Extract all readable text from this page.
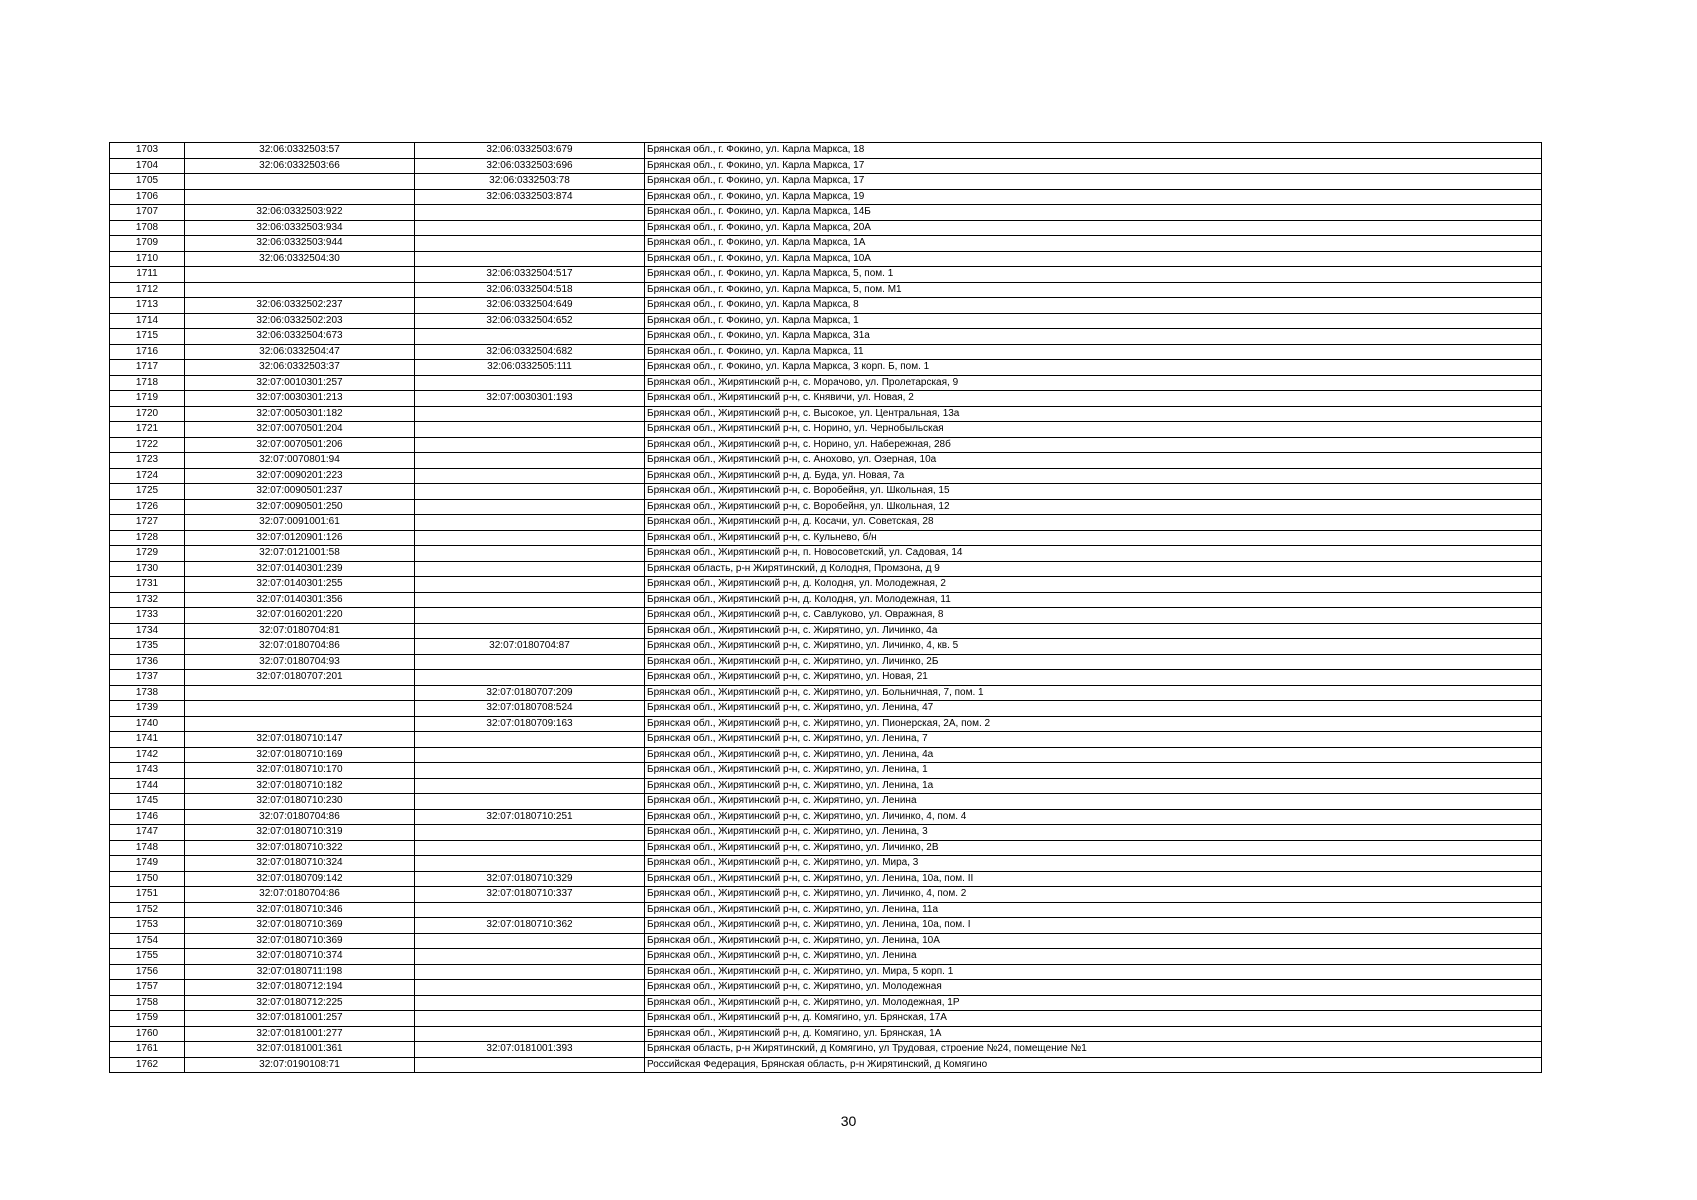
1703	32:06:0332503:57	32:06:0332503:679	Брянская обл., г. Фокино, ул. Карла Маркса, 18
1704	32:06:0332503:66	32:06:0332503:696	Брянская обл., г. Фокино, ул. Карла Маркса, 17
1705		32:06:0332503:78	Брянская обл., г. Фокино, ул. Карла Маркса, 17
1706		32:06:0332503:874	Брянская обл., г. Фокино, ул. Карла Маркса, 19
1707	32:06:0332503:922		Брянская обл., г. Фокино, ул. Карла Маркса, 14Б
1708	32:06:0332503:934		Брянская обл., г. Фокино, ул. Карла Маркса, 20А
1709	32:06:0332503:944		Брянская обл., г. Фокино, ул. Карла Маркса, 1А
1710	32:06:0332504:30		Брянская обл., г. Фокино, ул. Карла Маркса, 10А
1711		32:06:0332504:517	Брянская обл., г. Фокино, ул. Карла Маркса, 5, пом. 1
1712		32:06:0332504:518	Брянская обл., г. Фокино, ул. Карла Маркса, 5, пом. М1
1713	32:06:0332502:237	32:06:0332504:649	Брянская обл., г. Фокино, ул. Карла Маркса, 8
1714	32:06:0332502:203	32:06:0332504:652	Брянская обл., г. Фокино, ул. Карла Маркса, 1
1715	32:06:0332504:673		Брянская обл., г. Фокино, ул. Карла Маркса, 31а
1716	32:06:0332504:47	32:06:0332504:682	Брянская обл., г. Фокино, ул. Карла Маркса, 11
1717	32:06:0332503:37	32:06:0332505:111	Брянская обл., г. Фокино, ул. Карла Маркса, 3 корп. Б, пом. 1
1718	32:07:0010301:257		Брянская обл., Жирятинский р-н, с. Морачово, ул. Пролетарская, 9
1719	32:07:0030301:213	32:07:0030301:193	Брянская обл., Жирятинский р-н, с. Княвичи, ул. Новая, 2
1720	32:07:0050301:182		Брянская обл., Жирятинский р-н, с. Высокое, ул. Центральная, 13а
1721	32:07:0070501:204		Брянская обл., Жирятинский р-н, с. Норино, ул. Чернобыльская
1722	32:07:0070501:206		Брянская обл., Жирятинский р-н, с. Норино, ул. Набережная, 28б
1723	32:07:0070801:94		Брянская обл., Жирятинский р-н, с. Анохово, ул. Озерная, 10а
1724	32:07:0090201:223		Брянская обл., Жирятинский р-н, д. Буда, ул. Новая, 7а
1725	32:07:0090501:237		Брянская обл., Жирятинский р-н, с. Воробейня, ул. Школьная, 15
1726	32:07:0090501:250		Брянская обл., Жирятинский р-н, с. Воробейня, ул. Школьная, 12
1727	32:07:0091001:61		Брянская обл., Жирятинский р-н, д. Косачи, ул. Советская, 28
1728	32:07:0120901:126		Брянская обл., Жирятинский р-н, с. Кульнево, б/н
1729	32:07:0121001:58		Брянская обл., Жирятинский р-н, п. Новосоветский, ул. Садовая, 14
1730	32:07:0140301:239		Брянская область, р-н Жирятинский, д Колодня, Промзона, д 9
1731	32:07:0140301:255		Брянская обл., Жирятинский р-н, д. Колодня, ул. Молодежная, 2
1732	32:07:0140301:356		Брянская обл., Жирятинский р-н, д. Колодня, ул. Молодежная, 11
1733	32:07:0160201:220		Брянская обл., Жирятинский р-н, с. Савлуково, ул. Овражная, 8
1734	32:07:0180704:81		Брянская обл., Жирятинский р-н, с. Жирятино, ул. Личинко, 4а
1735	32:07:0180704:86	32:07:0180704:87	Брянская обл., Жирятинский р-н, с. Жирятино, ул. Личинко, 4, кв. 5
1736	32:07:0180704:93		Брянская обл., Жирятинский р-н, с. Жирятино, ул. Личинко, 2Б
1737	32:07:0180707:201		Брянская обл., Жирятинский р-н, с. Жирятино, ул. Новая, 21
1738		32:07:0180707:209	Брянская обл., Жирятинский р-н, с. Жирятино, ул. Больничная, 7, пом. 1
1739		32:07:0180708:524	Брянская обл., Жирятинский р-н, с. Жирятино, ул. Ленина, 47
1740		32:07:0180709:163	Брянская обл., Жирятинский р-н, с. Жирятино, ул. Пионерская, 2А, пом. 2
1741	32:07:0180710:147		Брянская обл., Жирятинский р-н, с. Жирятино, ул. Ленина, 7
1742	32:07:0180710:169		Брянская обл., Жирятинский р-н, с. Жирятино, ул. Ленина, 4а
1743	32:07:0180710:170		Брянская обл., Жирятинский р-н, с. Жирятино, ул. Ленина, 1
1744	32:07:0180710:182		Брянская обл., Жирятинский р-н, с. Жирятино, ул. Ленина, 1а
1745	32:07:0180710:230		Брянская обл., Жирятинский р-н, с. Жирятино, ул. Ленина
1746	32:07:0180704:86	32:07:0180710:251	Брянская обл., Жирятинский р-н, с. Жирятино, ул. Личинко, 4, пом. 4
1747	32:07:0180710:319		Брянская обл., Жирятинский р-н, с. Жирятино, ул. Ленина, 3
1748	32:07:0180710:322		Брянская обл., Жирятинский р-н, с. Жирятино, ул. Личинко, 2В
1749	32:07:0180710:324		Брянская обл., Жирятинский р-н, с. Жирятино, ул. Мира, 3
1750	32:07:0180709:142	32:07:0180710:329	Брянская обл., Жирятинский р-н, с. Жирятино, ул. Ленина, 10а, пом. II
1751	32:07:0180704:86	32:07:0180710:337	Брянская обл., Жирятинский р-н, с. Жирятино, ул. Личинко, 4, пом. 2
1752	32:07:0180710:346		Брянская обл., Жирятинский р-н, с. Жирятино, ул. Ленина, 11а
1753	32:07:0180710:369	32:07:0180710:362	Брянская обл., Жирятинский р-н, с. Жирятино, ул. Ленина, 10а, пом. I
1754	32:07:0180710:369		Брянская обл., Жирятинский р-н, с. Жирятино, ул. Ленина, 10А
1755	32:07:0180710:374		Брянская обл., Жирятинский р-н, с. Жирятино, ул. Ленина
1756	32:07:0180711:198		Брянская обл., Жирятинский р-н, с. Жирятино, ул. Мира, 5 корп. 1
1757	32:07:0180712:194		Брянская обл., Жирятинский р-н, с. Жирятино, ул. Молодежная
1758	32:07:0180712:225		Брянская обл., Жирятинский р-н, с. Жирятино, ул. Молодежная, 1Р
1759	32:07:0181001:257		Брянская обл., Жирятинский р-н, д. Комягино, ул. Брянская, 17А
1760	32:07:0181001:277		Брянская обл., Жирятинский р-н, д. Комягино, ул. Брянская, 1А
1761	32:07:0181001:361	32:07:0181001:393	Брянская область, р-н Жирятинский, д Комягино, ул Трудовая, строение №24, помещение №1
1762	32:07:0190108:71		Российская Федерация, Брянская область, р-н Жирятинский, д Комягино
30
